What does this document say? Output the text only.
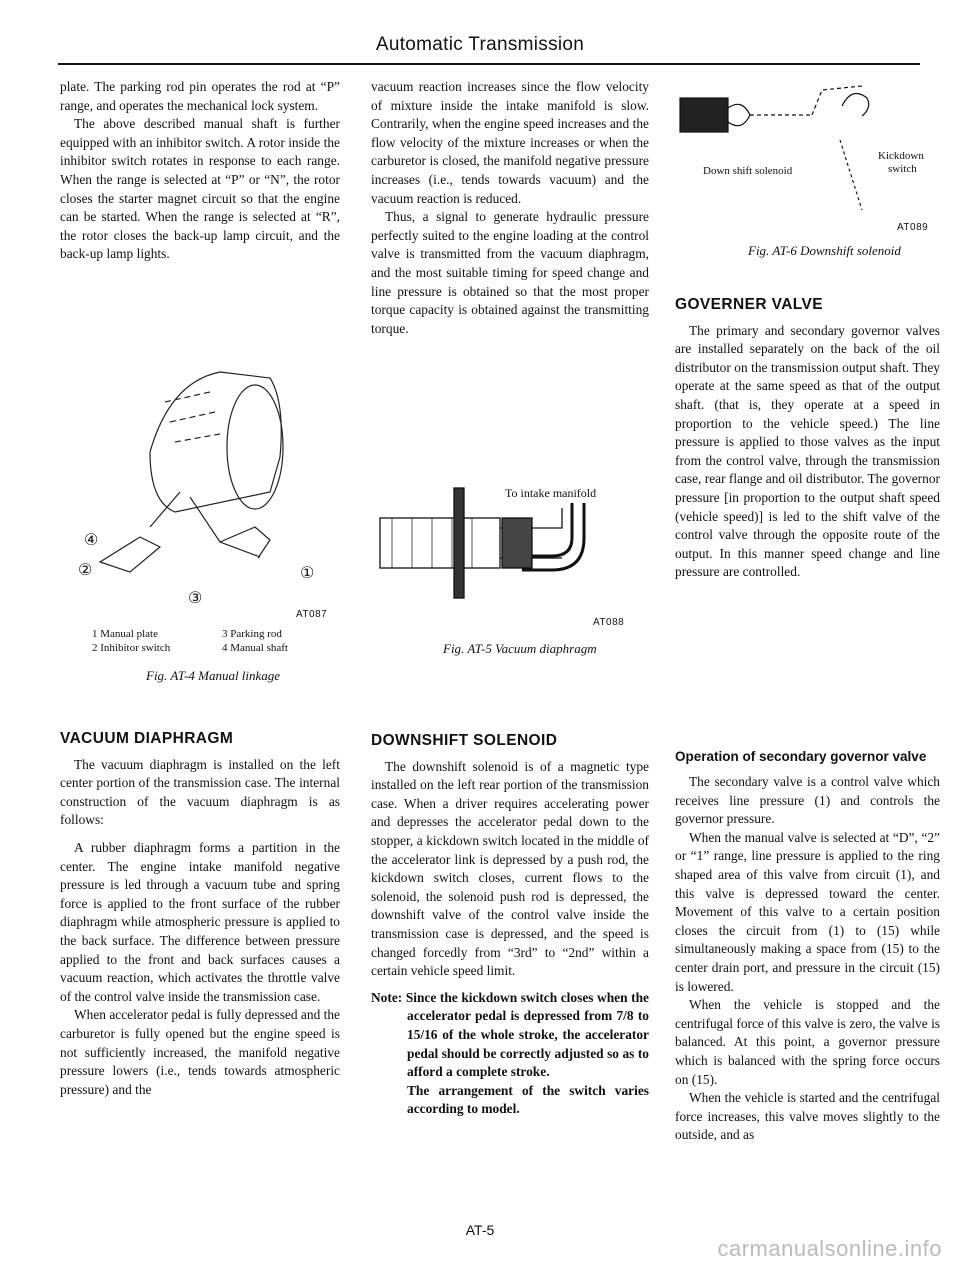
Automatic Transmission

plate. The parking rod pin operates the rod at “P” range, and operates the mechanical lock system.

The above described manual shaft is further equipped with an inhibitor switch. A rotor inside the inhibitor switch rotates in response to each range. When the range is selected at “P” or “N”, the rotor closes the starter magnet circuit so that the engine can be started. When the range is selected at “R”, the rotor closes the back-up lamp circuit, and the back-up lamp lights.

④
②
③
①
AT087
1 Manual plate
2 Inhibitor switch
3 Parking rod
4 Manual shaft
Fig. AT-4 Manual linkage
VACUUM DIAPHRAGM

The vacuum diaphragm is installed on the left center portion of the transmission case. The internal construction of the vacuum diaphragm is as follows:

A rubber diaphragm forms a partition in the center. The engine intake manifold negative pressure is led through a vacuum tube and spring force is applied to the front surface of the rubber diaphragm while atmospheric pressure is applied to the back surface. The difference between pressure applied to the front and back surfaces causes a vacuum reaction, which activates the throttle valve of the control valve inside the transmission case.

When accelerator pedal is fully depressed and the carburetor is fully opened but the engine speed is not sufficiently increased, the manifold negative pressure lowers (i.e., tends towards atmospheric pressure) and the

vacuum reaction increases since the flow velocity of mixture inside the intake manifold is slow. Contrarily, when the engine speed increases and the flow velocity of the mixture increases or when the carburetor is closed, the manifold negative pressure increases (i.e., tends towards vacuum) and the vacuum reaction is reduced.

Thus, a signal to generate hydraulic pressure perfectly suited to the engine loading at the control valve is transmitted from the vacuum diaphragm, and the most suitable timing for speed change and line pressure is obtained so that the most proper torque capacity is obtained against the transmitting torque.

To intake manifold
AT088
Fig. AT-5 Vacuum diaphragm
DOWNSHIFT SOLENOID

The downshift solenoid is of a magnetic type installed on the left rear portion of the transmission case. When a driver requires accelerating power and depresses the accelerator pedal down to the stopper, a kickdown switch located in the middle of the accelerator link is depressed by a push rod, the kickdown switch closes, current flows to the solenoid, the solenoid push rod is depressed, the downshift valve of the control valve inside the transmission case is depressed, and the speed is changed forcedly from “3rd” to “2nd” within a certain vehicle speed limit.

Note: Since the kickdown switch closes when the accelerator pedal is depressed from 7/8 to 15/16 of the whole stroke, the accelerator pedal should be correctly adjusted so as to afford a complete stroke.

The arrangement of the switch varies according to model.

Down shift solenoid
Kickdown
switch
AT089
Fig. AT-6 Downshift solenoid
GOVERNER VALVE

The primary and secondary governor valves are installed separately on the back of the oil distributor on the transmission output shaft. They operate at the same speed as that of the output shaft. (that is, they operate at a speed in proportion to the vehicle speed.) The line pressure is applied to those valves as the input from the control valve, through the transmission case, rear flange and oil distributor. The governor pressure [in proportion to the output shaft speed (vehicle speed)] is led to the shift valve of the control valve through the opposite route of the output. In this manner speed change and line pressure are controlled.

Operation of secondary governor valve

The secondary valve is a control valve which receives line pressure (1) and controls the governor pressure.

When the manual valve is selected at “D”, “2” or “1” range, line pressure is applied to the ring shaped area of this valve from circuit (1), and this valve is depressed toward the center. Movement of this valve to a certain position closes the circuit from (1) to (15) while simultaneously making a space from (15) to the center drain port, and pressure in the circuit (15) is lowered.

When the vehicle is stopped and the centrifugal force of this valve is zero, the valve is balanced. At this point, a governor pressure which is balanced with the spring force occurs on (15).

When the vehicle is started and the centrifugal force increases, this valve moves slightly to the outside, and as

AT-5
carmanualsonline.info
